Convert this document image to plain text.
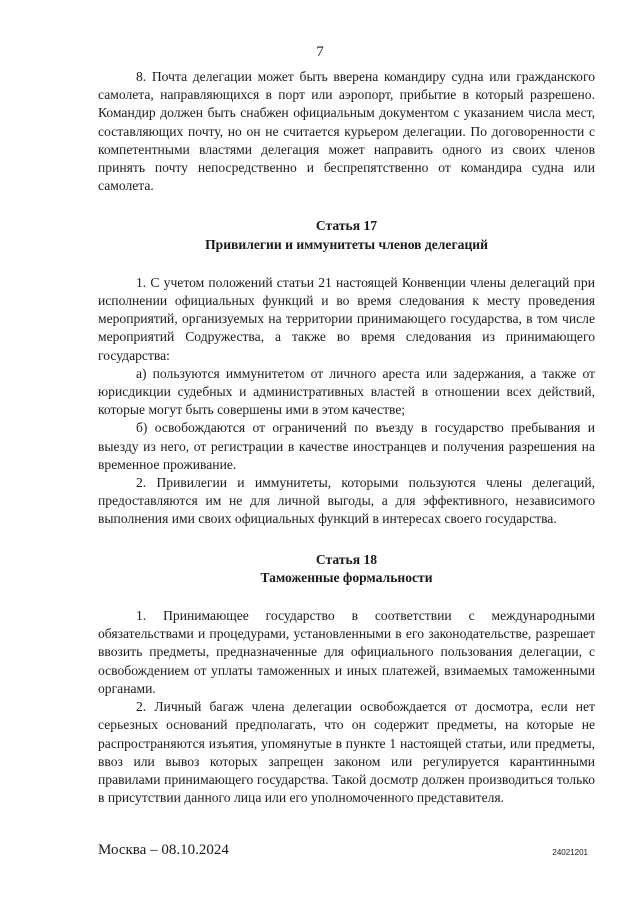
7

8. Почта делегации может быть вверена командиру судна или гражданского самолета, направляющихся в порт или аэропорт, прибытие в который разрешено. Командир должен быть снабжен официальным документом с указанием числа мест, составляющих почту, но он не считается курьером делегации. По договоренности с компетентными властями делегация может направить одного из своих членов принять почту непосредственно и беспрепятственно от командира судна или самолета.

Статья 17
Привилегии и иммунитеты членов делегаций

1. С учетом положений статьи 21 настоящей Конвенции члены делегаций при исполнении официальных функций и во время следования к месту проведения мероприятий, организуемых на территории принимающего государства, в том числе мероприятий Содружества, а также во время следования из принимающего государства:

а) пользуются иммунитетом от личного ареста или задержания, а также от юрисдикции судебных и административных властей в отношении всех действий, которые могут быть совершены ими в этом качестве;

б) освобождаются от ограничений по въезду в государство пребывания и выезду из него, от регистрации в качестве иностранцев и получения разрешения на временное проживание.

2. Привилегии и иммунитеты, которыми пользуются члены делегаций, предоставляются им не для личной выгоды, а для эффективного, независимого выполнения ими своих официальных функций в интересах своего государства.

Статья 18
Таможенные формальности

1. Принимающее государство в соответствии с международными обязательствами и процедурами, установленными в его законодательстве, разрешает ввозить предметы, предназначенные для официального пользования делегации, с освобождением от уплаты таможенных и иных платежей, взимаемых таможенными органами.

2. Личный багаж члена делегации освобождается от досмотра, если нет серьезных оснований предполагать, что он содержит предметы, на которые не распространяются изъятия, упомянутые в пункте 1 настоящей статьи, или предметы, ввоз или вывоз которых запрещен законом или регулируется карантинными правилами принимающего государства. Такой досмотр должен производиться только в присутствии данного лица или его уполномоченного представителя.

Москва – 08.10.2024	24021201
